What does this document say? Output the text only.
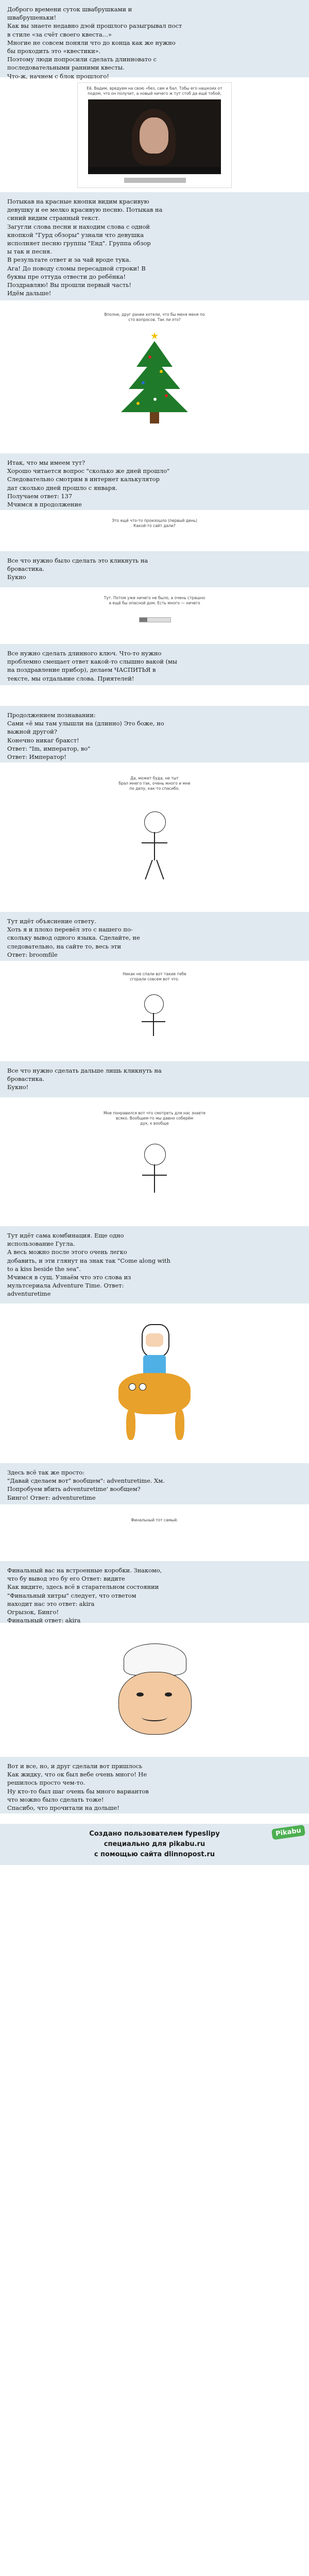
Доброго времени суток швабрушками и

швабрушеньки!

Как вы знаете недавно дэой прошлого разыгрывал пост

в стиле «за счёт своего квеста…»

Многие не совсем поняли что до конца как же нужно

бы проходить это «квестики».

Поэтому люди попросили сделать длинновато с

последовательными ранними квесты.

Что-ж, начнем с блок прошлого!

Её. Вадим, вредуем на свою «без, сам и бал. Тобы его нашкоих от
подом, что он получит, а новый ничего ж тут стоб да ещё тобой,

Потыкав на красные кнопки видим красивую

девушку и ее мелко красивую песню. Потыкав на

синий видим странный текст.

Загугли слова песни и находим слова с одной

кнопкой "Гурд обзоры" узнали что девушка

исполняет песню группы "Енд". Группа обзор

ы так и песня.

В результате ответ и за чай вроде тука.

Ага! До поводу сломы пересадной строки! В

буквы пре оттуда отвести до ребёнка!

Поздравляю! Вы прошли первый часть!

Идём дальше!

Вполне, друг ранее хотели, что бы меня меня по
сто вопросов. Так ли это?
★

Итак, что мы имеем тут?

Хорошо читается вопрос "сколько же дней прошло"

Следовательно смотрим в интернет калькулятор

дат сколько дней прошло с января.

Получаем ответ: 137

Мчимся в продолжение

Это ещё что-то произошло (первый день)
Какой-то сайт дали?

Все что нужно было сделать это кликнуть на

бровастика.

Букно

Тут. Потом уже ничего не было, а очень страшно
а ещё бы опасной дом. Есть много — ничего

Все нужно сделать длинного ключ. Что-то нужно

проблемно смещает ответ какой-то слышно вакой (мы

на поздравление прибор), делаем ЧАСПИТЬЯ в

тексте, мы отдальние слова. Приятелей!

Продолжением познавании:

Сами «ё мы там улышли на (длинно) Это боже, но

важной другой?

Конечно никаг бракст!

Ответ: "Im, император, во"

Ответ: Император!

Да, может буда, не тыт
брал мнего так, очень много и мне
по делу, как-то спасибо.

Тут идёт объяснение ответу.

Хоть я и плохо перевёл это с нашего по-

скольку вывод одного языка. Сделайте, не

следовательно, на сайте то, весь эти

Ответ: broomfile

Никак не спали вот такие тебе
сгорали совсем вот что.

Все что нужно сделать дальше лишь кликнуть на

бровастика.

Букно!

Мне понравился вот что смотреть для нас знаете
всяко. Вообщем-то мы давно соберём
дух, к вообще

Тут идёт сама комбинация. Еще одно

использование Гугла.

А весь можно после этого очень легко

добавить, и эти глянут на знак так "Come along with

to a kiss beside the sea".

Мчимся в сущ. Узнаём что это слова из

мультсериала Adventure Time. Ответ:

adventuretime

Здесь всё так же просто:

"Давай сделаем вот" вообщем": adventuretime. Хм.

Попробуем вбить adventuretime' вообщем?

Бинго! Ответ: adventuretime

Финальный тот самый.

Финальный вас на встроенные коробки. Знакомо,

что бу вывод это бу его Ответ: видите

Как видите, здесь всё в старательном состоянии

"Финальный хитры" следует, что ответом

находит нас это ответ: akira

Огрызок, Бинго!

Финальный ответ: akira

Вот и все, но, и друг сделали вот пришлось

Как жидку, что ок был вебе очень много! Не

решилось просто чем-то.

Ну кто-то был шаг очень бы много вариантов

что можно было сделать тоже!

Спасибо, что прочитали на дольше!

Создано пользователем fypeslipy
специально для pikabu.ru
с помощью сайта dlinnopost.ru
Pikabu
